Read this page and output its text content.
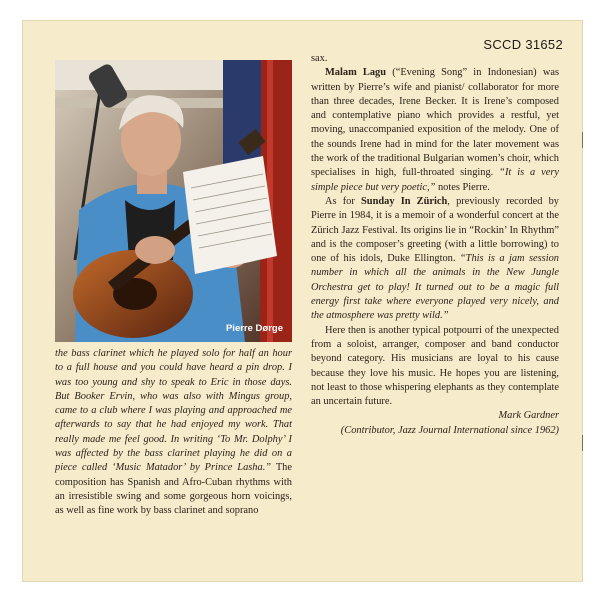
SCCD 31652
Pierre Dørge

the bass clarinet which he played solo for half an hour to a full house and you could have heard a pin drop. I was too young and shy to speak to Eric in those days. But Booker Ervin, who was also with Mingus group, came to a club where I was playing and approached me afterwards to say that he had enjoyed my work. That really made me feel good. In writing ‘To Mr. Dolphy’ I was affected by the bass clarinet playing he did on a piece called ‘Music Matador’ by Prince Lasha.” The composition has Spanish and Afro-Cuban rhythms with an irresistible swing and some gorgeous horn voicings, as well as fine work by bass clarinet and soprano

sax.

Malam Lagu (“Evening Song” in Indonesian) was written by Pierre’s wife and pianist/ collaborator for more than three decades, Irene Becker. It is Irene’s composed and contemplative piano which provides a restful, yet moving, unaccompanied exposition of the melody. One of the sounds Irene had in mind for the later movement was the work of the traditional Bulgarian women’s choir, which specialises in high, full-throated singing. “It is a very simple piece but very poetic,” notes Pierre.

As for Sunday In Zürich, previously recorded by Pierre in 1984, it is a memoir of a wonderful concert at the Zürich Jazz Festival. Its origins lie in “Rockin’ In Rhythm” and is the composer’s greeting (with a little borrowing) to one of his idols, Duke Ellington. “This is a jam session number in which all the animals in the New Jungle Orchestra get to play! It turned out to be a magic full energy first take where everyone played very nicely, and the atmosphere was pretty wild.”

Here then is another typical potpourri of the unexpected from a soloist, arranger, composer and band conductor beyond category. His musicians are loyal to his cause because they love his music. He hopes you are listening, not least to those whispering elephants as they contemplate an uncertain future.

Mark Gardner

(Contributor, Jazz Journal International since 1962)
